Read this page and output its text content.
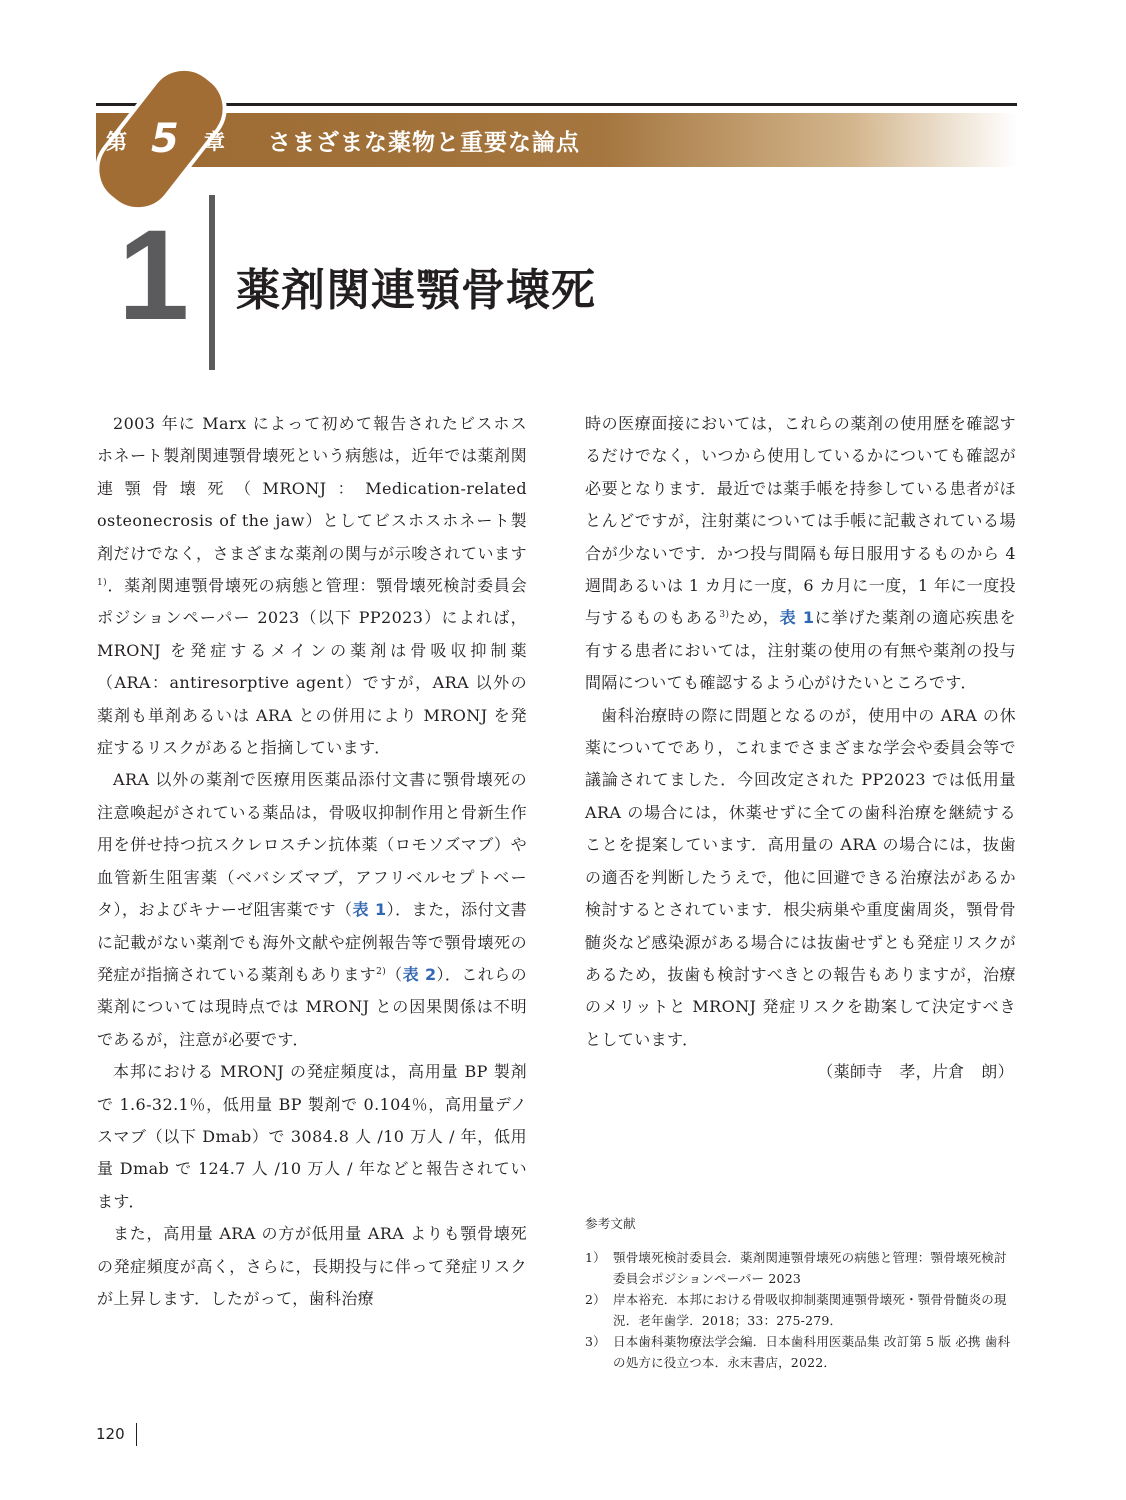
第 5 章 さまざまな薬物と重要な論点
1 薬剤関連顎骨壊死

2003 年に Marx によって初めて報告されたビスホスホネート製剤関連顎骨壊死という病態は，近年では薬剤関連顎骨壊死（MRONJ：Medication-related osteonecrosis of the jaw）としてビスホスホネート製剤だけでなく，さまざまな薬剤の関与が示唆されています$^{1)}$．薬剤関連顎骨壊死の病態と管理：顎骨壊死検討委員会ポジションペーパー 2023（以下 PP2023）によれば，MRONJ を発症するメインの薬剤は骨吸収抑制薬（ARA：antiresorptive agent）ですが，ARA 以外の薬剤も単剤あるいは ARA との併用により MRONJ を発症するリスクがあると指摘しています．

ARA 以外の薬剤で医療用医薬品添付文書に顎骨壊死の注意喚起がされている薬品は，骨吸収抑制作用と骨新生作用を併せ持つ抗スクレロスチン抗体薬（ロモソズマブ）や血管新生阻害薬（ベバシズマブ，アフリベルセプトベータ），およびキナーゼ阻害薬です（表 1）．また，添付文書に記載がない薬剤でも海外文献や症例報告等で顎骨壊死の発症が指摘されている薬剤もあります$^{2)}$（表 2）．これらの薬剤については現時点では MRONJ との因果関係は不明であるが，注意が必要です．

本邦における MRONJ の発症頻度は，高用量 BP 製剤で 1.6-32.1％，低用量 BP 製剤で 0.104％，高用量デノスマブ（以下 Dmab）で 3084.8 人 /10 万人 / 年，低用量 Dmab で 124.7 人 /10 万人 / 年などと報告されています．

また，高用量 ARA の方が低用量 ARA よりも顎骨壊死の発症頻度が高く，さらに，長期投与に伴って発症リスクが上昇します．したがって，歯科治療

時の医療面接においては，これらの薬剤の使用歴を確認するだけでなく，いつから使用しているかについても確認が必要となります．最近では薬手帳を持参している患者がほとんどですが，注射薬については手帳に記載されている場合が少ないです．かつ投与間隔も毎日服用するものから 4 週間あるいは 1 カ月に一度，6 カ月に一度，1 年に一度投与するものもある$^{3)}$ため，表 1に挙げた薬剤の適応疾患を有する患者においては，注射薬の使用の有無や薬剤の投与間隔についても確認するよう心がけたいところです．

歯科治療時の際に問題となるのが，使用中の ARA の休薬についてであり，これまでさまざまな学会や委員会等で議論されてました．今回改定された PP2023 では低用量 ARA の場合には，休薬せずに全ての歯科治療を継続することを提案しています．高用量の ARA の場合には，抜歯の適否を判断したうえで，他に回避できる治療法があるか検討するとされています．根尖病巣や重度歯周炎，顎骨骨髄炎など感染源がある場合には抜歯せずとも発症リスクがあるため，抜歯も検討すべきとの報告もありますが，治療のメリットと MRONJ 発症リスクを勘案して決定すべきとしています．

（薬師寺　孝，片倉　朗）

参考文献

1） 顎骨壊死検討委員会．薬剤関連顎骨壊死の病態と管理：顎骨壊死検討委員会ポジションペーパー 2023

2） 岸本裕充．本邦における骨吸収抑制薬関連顎骨壊死・顎骨骨髄炎の現況．老年歯学．2018；33：275-279．

3） 日本歯科薬物療法学会編．日本歯科用医薬品集 改訂第 5 版 必携 歯科の処方に役立つ本．永末書店，2022．

120
